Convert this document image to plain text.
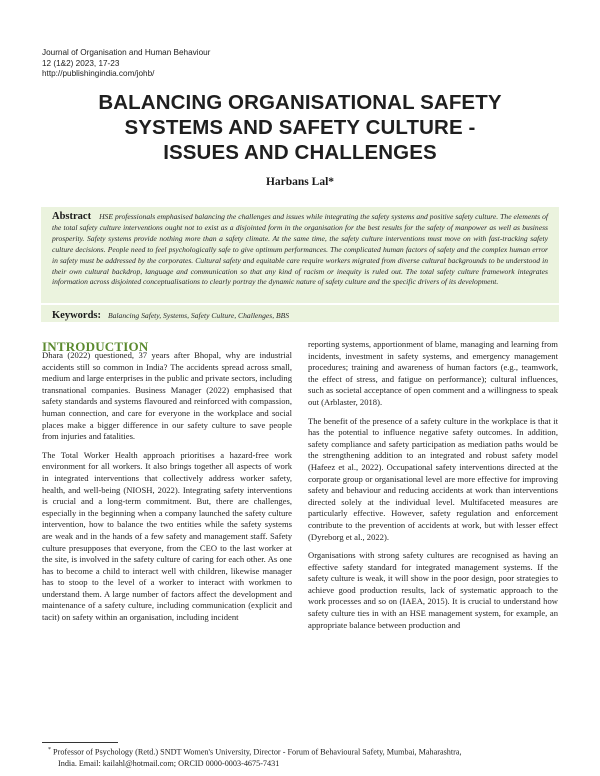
Journal of Organisation and Human Behaviour
12 (1&2) 2023, 17-23
http://publishingindia.com/johb/
BALANCING ORGANISATIONAL SAFETY
SYSTEMS AND SAFETY CULTURE -
ISSUES AND CHALLENGES
Harbans Lal*
Abstract HSE professionals emphasised balancing the challenges and issues while integrating the safety systems and positive safety culture. The elements of the total safety culture interventions ought not to exist as a disjointed form in the organisation for the best results for the safety of manpower as well as business prosperity. Safety systems provide nothing more than a safety climate. At the same time, the safety culture interventions must move on with fast-tracking safety culture decisions. People need to feel psychologically safe to give optimum performances. The complicated human factors of safety and the complex human error in safety must be addressed by the corporates. Cultural safety and equitable care require workers migrated from diverse cultural backgrounds to be understood in their own cultural backdrop, language and communication so that any kind of racism or inequity is ruled out. The total safety culture framework integrates information across disjointed conceptualisations to clearly portray the dynamic nature of safety culture and the specific drivers of its development.
Keywords: Balancing Safety, Systems, Safety Culture, Challenges, BBS
INTRODUCTION

Dhara (2022) questioned, 37 years after Bhopal, why are industrial accidents still so common in India? The accidents spread across small, medium and large enterprises in the public and private sectors, including transnational companies. Business Manager (2022) emphasised that safety standards and systems flavoured and reinforced with compassion, human connection, and care for everyone in the workplace and social places make a bigger difference in our safety culture to save people from injuries and fatalities.

The Total Worker Health approach prioritises a hazard-free work environment for all workers. It also brings together all aspects of work in integrated interventions that collectively address worker safety, health, and well-being (NIOSH, 2022). Integrating safety interventions is crucial and a long-term commitment. But, there are challenges, especially in the beginning when a company launched the safety culture intervention, how to balance the two entities while the safety systems are weak and in the hands of a few safety and management staff. Safety culture presupposes that everyone, from the CEO to the last worker at the site, is involved in the safety culture of caring for each other. As one has to become a child to interact well with children, likewise manager has to stoop to the level of a worker to interact with workmen to understand them. A large number of factors affect the development and maintenance of a safety culture, including communication (explicit and tacit) on safety within an organisation, including incident

reporting systems, apportionment of blame, managing and learning from incidents, investment in safety systems, and emergency management procedures; training and awareness of human factors (e.g., teamwork, the effect of stress, and fatigue on performance); cultural influences, such as societal acceptance of open comment and a willingness to speak out (Arblaster, 2018).

The benefit of the presence of a safety culture in the workplace is that it has the potential to influence negative safety outcomes. In addition, safety compliance and safety participation as mediation paths would be the strengthening addition to an integrated and robust safety model (Hafeez et al., 2022). Occupational safety interventions directed at the corporate group or organisational level are more effective for improving safety and behaviour and reducing accidents at work than interventions directed solely at the individual level. Multifaceted measures are particularly effective. However, safety regulation and enforcement contribute to the prevention of accidents at work, but with lesser effect (Dyreborg et al., 2022).

Organisations with strong safety cultures are recognised as having an effective safety standard for integrated management systems. If the safety culture is weak, it will show in the poor design, poor strategies to achieve good production results, lack of systematic approach to the work processes and so on (IAEA, 2015). It is crucial to understand how safety culture ties in with an HSE management system, for example, an appropriate balance between production and

* Professor of Psychology (Retd.) SNDT Women's University, Director - Forum of Behavioural Safety, Mumbai, Maharashtra,
India. Email: kailahl@hotmail.com; ORCID 0000-0003-4675-7431
